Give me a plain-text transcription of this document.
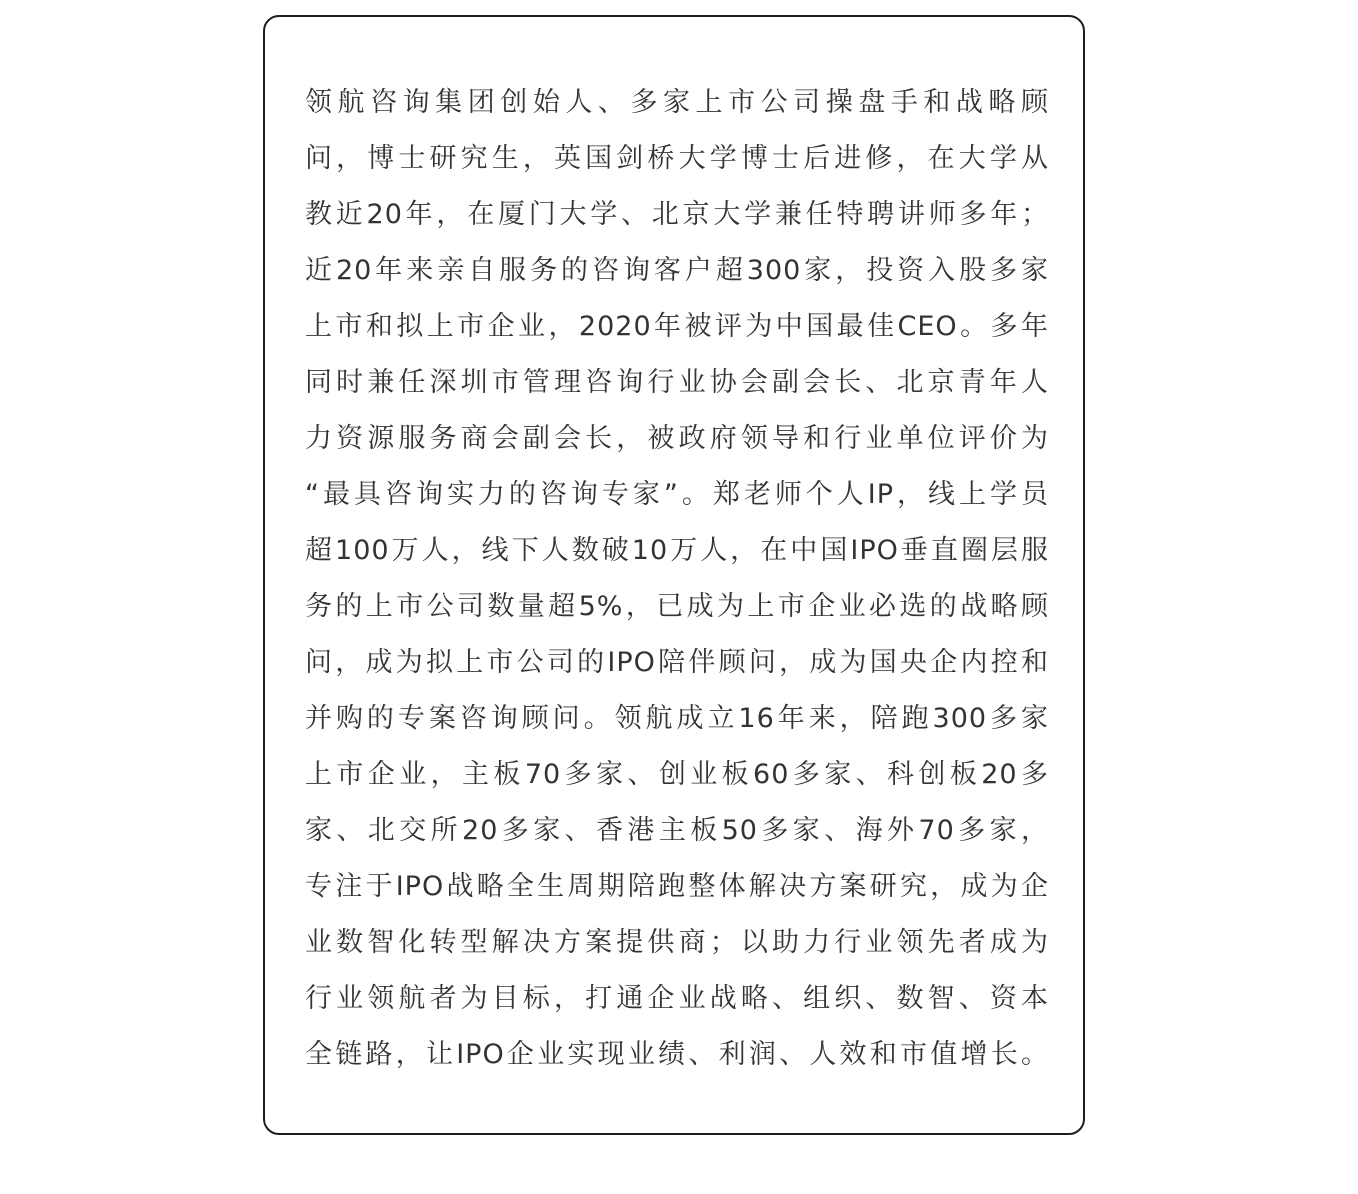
领航咨询集团创始人、多家上市公司操盘手和战略顾
问，博士研究生，英国剑桥大学博士后进修，在大学从
教近20年，在厦门大学、北京大学兼任特聘讲师多年；
近20年来亲自服务的咨询客户超300家，投资入股多家
上市和拟上市企业，2020年被评为中国最佳CEO。多年
同时兼任深圳市管理咨询行业协会副会长、北京青年人
力资源服务商会副会长，被政府领导和行业单位评价为
“最具咨询实力的咨询专家”。郑老师个人IP，线上学员
超100万人，线下人数破10万人，在中国IPO垂直圈层服
务的上市公司数量超5%，已成为上市企业必选的战略顾
问，成为拟上市公司的IPO陪伴顾问，成为国央企内控和
并购的专案咨询顾问。领航成立16年来，陪跑300多家
上市企业，主板70多家、创业板60多家、科创板20多
家、北交所20多家、香港主板50多家、海外70多家，
专注于IPO战略全生周期陪跑整体解决方案研究，成为企
业数智化转型解决方案提供商；以助力行业领先者成为
行业领航者为目标，打通企业战略、组织、数智、资本
全链路，让IPO企业实现业绩、利润、人效和市值增长。
